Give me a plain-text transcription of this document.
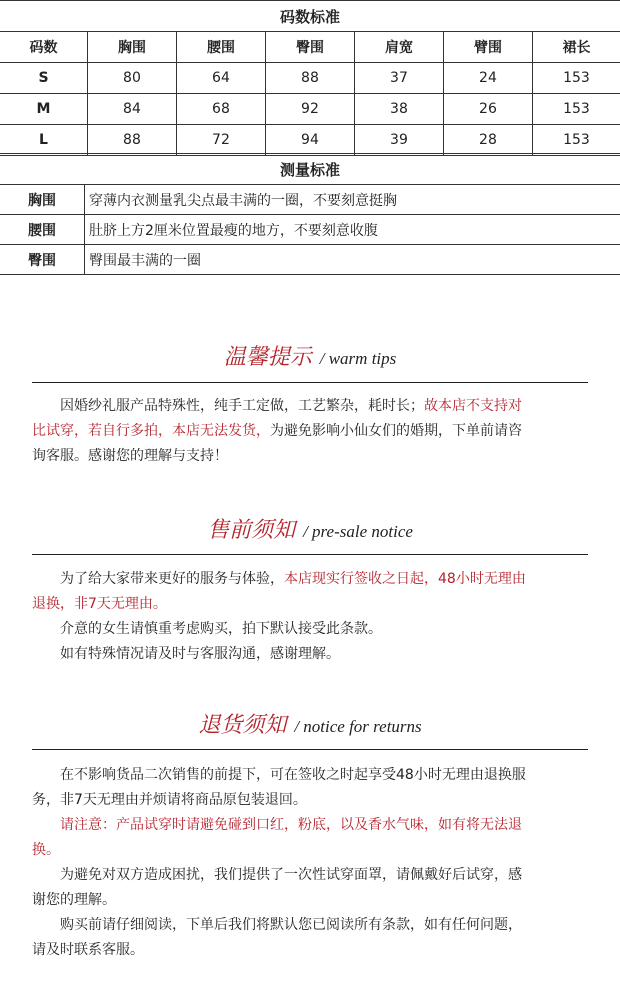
码数标准						
码数	胸围	腰围	臀围	肩宽	臂围	裙长
S	80	64	88	37	24	153
M	84	68	92	38	26	153
L	88	72	94	39	28	153
测量标准	
胸围	穿薄内衣测量乳尖点最丰满的一圈，不要刻意挺胸
腰围	肚脐上方2厘米位置最瘦的地方，不要刻意收腹
臀围	臀围最丰满的一圈
温馨提示 / warm tips
因婚纱礼服产品特殊性，纯手工定做，工艺繁杂，耗时长；故本店不支持对
比试穿，若自行多拍，本店无法发货，为避免影响小仙女们的婚期，下单前请咨
询客服。感谢您的理解与支持！
售前须知 / pre-sale notice
为了给大家带来更好的服务与体验，本店现实行签收之日起，48小时无理由
退换，非7天无理由。
介意的女生请慎重考虑购买，拍下默认接受此条款。
如有特殊情况请及时与客服沟通，感谢理解。
退货须知 / notice for returns
在不影响货品二次销售的前提下，可在签收之时起享受48小时无理由退换服
务，非7天无理由并烦请将商品原包装退回。
请注意：产品试穿时请避免碰到口红，粉底，以及香水气味，如有将无法退
换。
为避免对双方造成困扰，我们提供了一次性试穿面罩，请佩戴好后试穿，感
谢您的理解。
购买前请仔细阅读，下单后我们将默认您已阅读所有条款，如有任何问题，
请及时联系客服。
